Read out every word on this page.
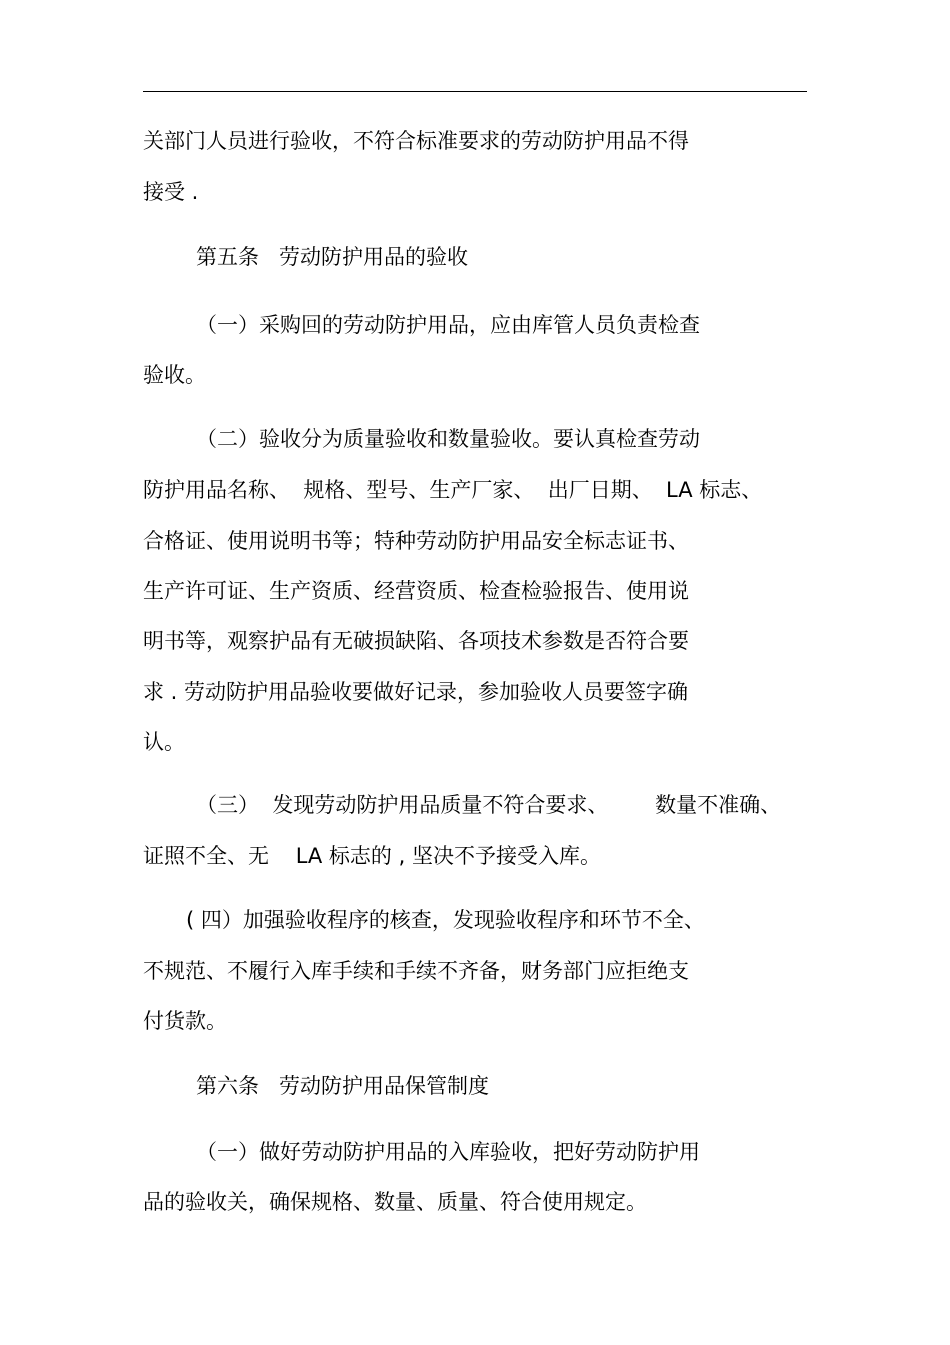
关部门人员进行验收，不符合标准要求的劳动防护用品不得

接受 .

第五条   劳动防护用品的验收

（一）采购回的劳动防护用品，应由库管人员负责检查

验收。

（二）验收分为质量验收和数量验收。要认真检查劳动

防护用品名称、  规格、型号、生产厂家、  出厂日期、  LA 标志、

合格证、使用说明书等；特种劳动防护用品安全标志证书、

生产许可证、生产资质、经营资质、检查检验报告、使用说

明书等，观察护品有无破损缺陷、各项技术参数是否符合要

求 . 劳动防护用品验收要做好记录，参加验收人员要签字确

认。

（三）  发现劳动防护用品质量不符合要求、       数量不准确、

证照不全、无    LA 标志的 , 坚决不予接受入库。

( 四）加强验收程序的核查，发现验收程序和环节不全、

不规范、不履行入库手续和手续不齐备，财务部门应拒绝支

付货款。

第六条   劳动防护用品保管制度

（一）做好劳动防护用品的入库验收，把好劳动防护用

品的验收关，确保规格、数量、质量、符合使用规定。
